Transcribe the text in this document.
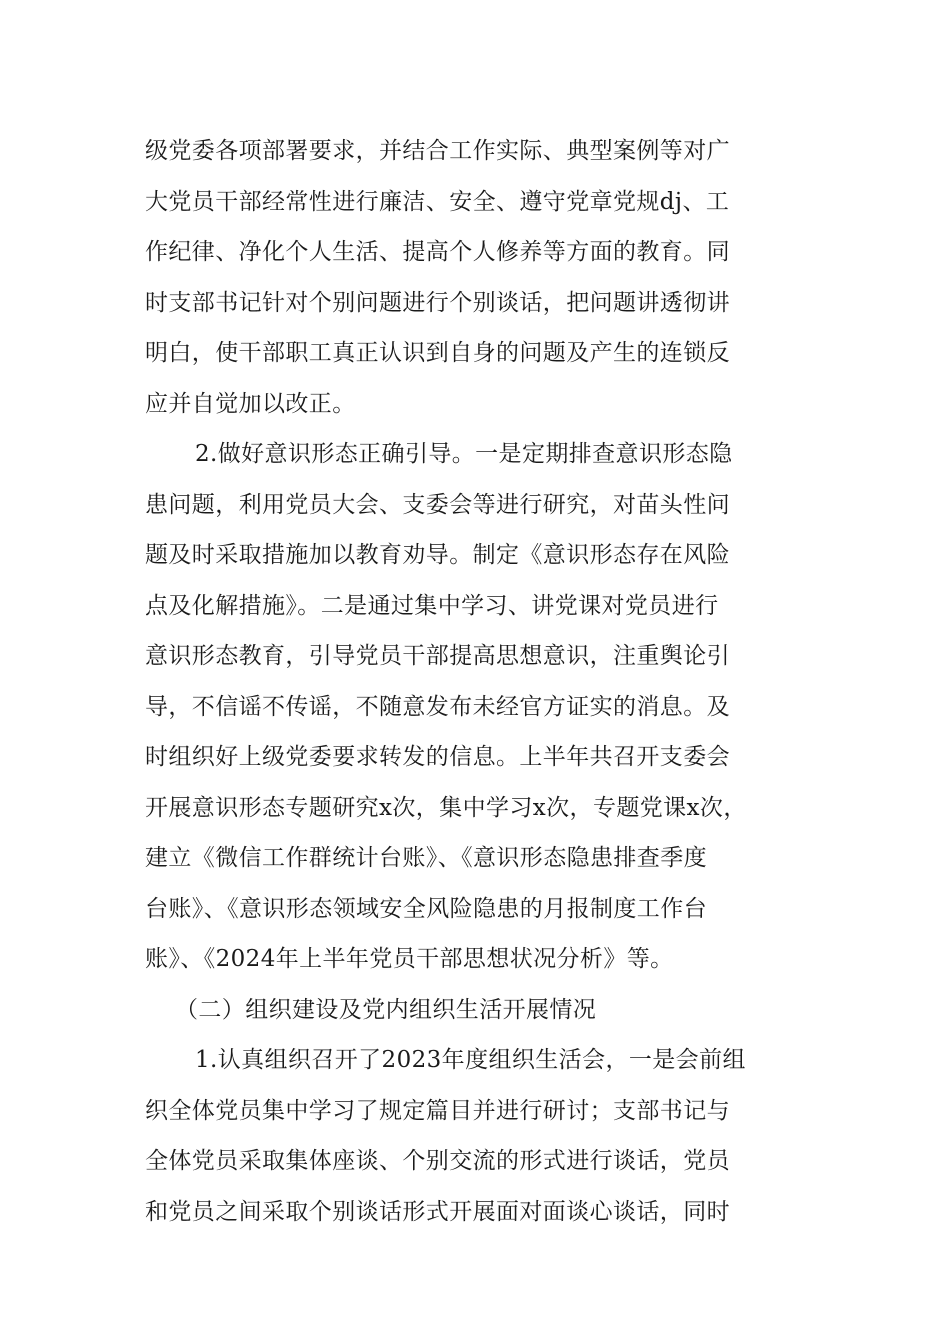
级党委各项部署要求，并结合工作实际、典型案例等对广
大党员干部经常性进行廉洁、安全、遵守党章党规dj、工
作纪律、净化个人生活、提高个人修养等方面的教育。同
时支部书记针对个别问题进行个别谈话，把问题讲透彻讲
明白，使干部职工真正认识到自身的问题及产生的连锁反
应并自觉加以改正。
2.做好意识形态正确引导。一是定期排查意识形态隐
患问题，利用党员大会、支委会等进行研究，对苗头性问
题及时采取措施加以教育劝导。制定《意识形态存在风险
点及化解措施》。二是通过集中学习、讲党课对党员进行
意识形态教育，引导党员干部提高思想意识，注重舆论引
导，不信谣不传谣，不随意发布未经官方证实的消息。及
时组织好上级党委要求转发的信息。上半年共召开支委会
开展意识形态专题研究x次，集中学习x次，专题党课x次，
建立《微信工作群统计台账》、《意识形态隐患排查季度
台账》、《意识形态领域安全风险隐患的月报制度工作台
账》、《2024年上半年党员干部思想状况分析》等。
（二）组织建设及党内组织生活开展情况
1.认真组织召开了2023年度组织生活会，一是会前组
织全体党员集中学习了规定篇目并进行研讨；支部书记与
全体党员采取集体座谈、个别交流的形式进行谈话，党员
和党员之间采取个别谈话形式开展面对面谈心谈话，同时
